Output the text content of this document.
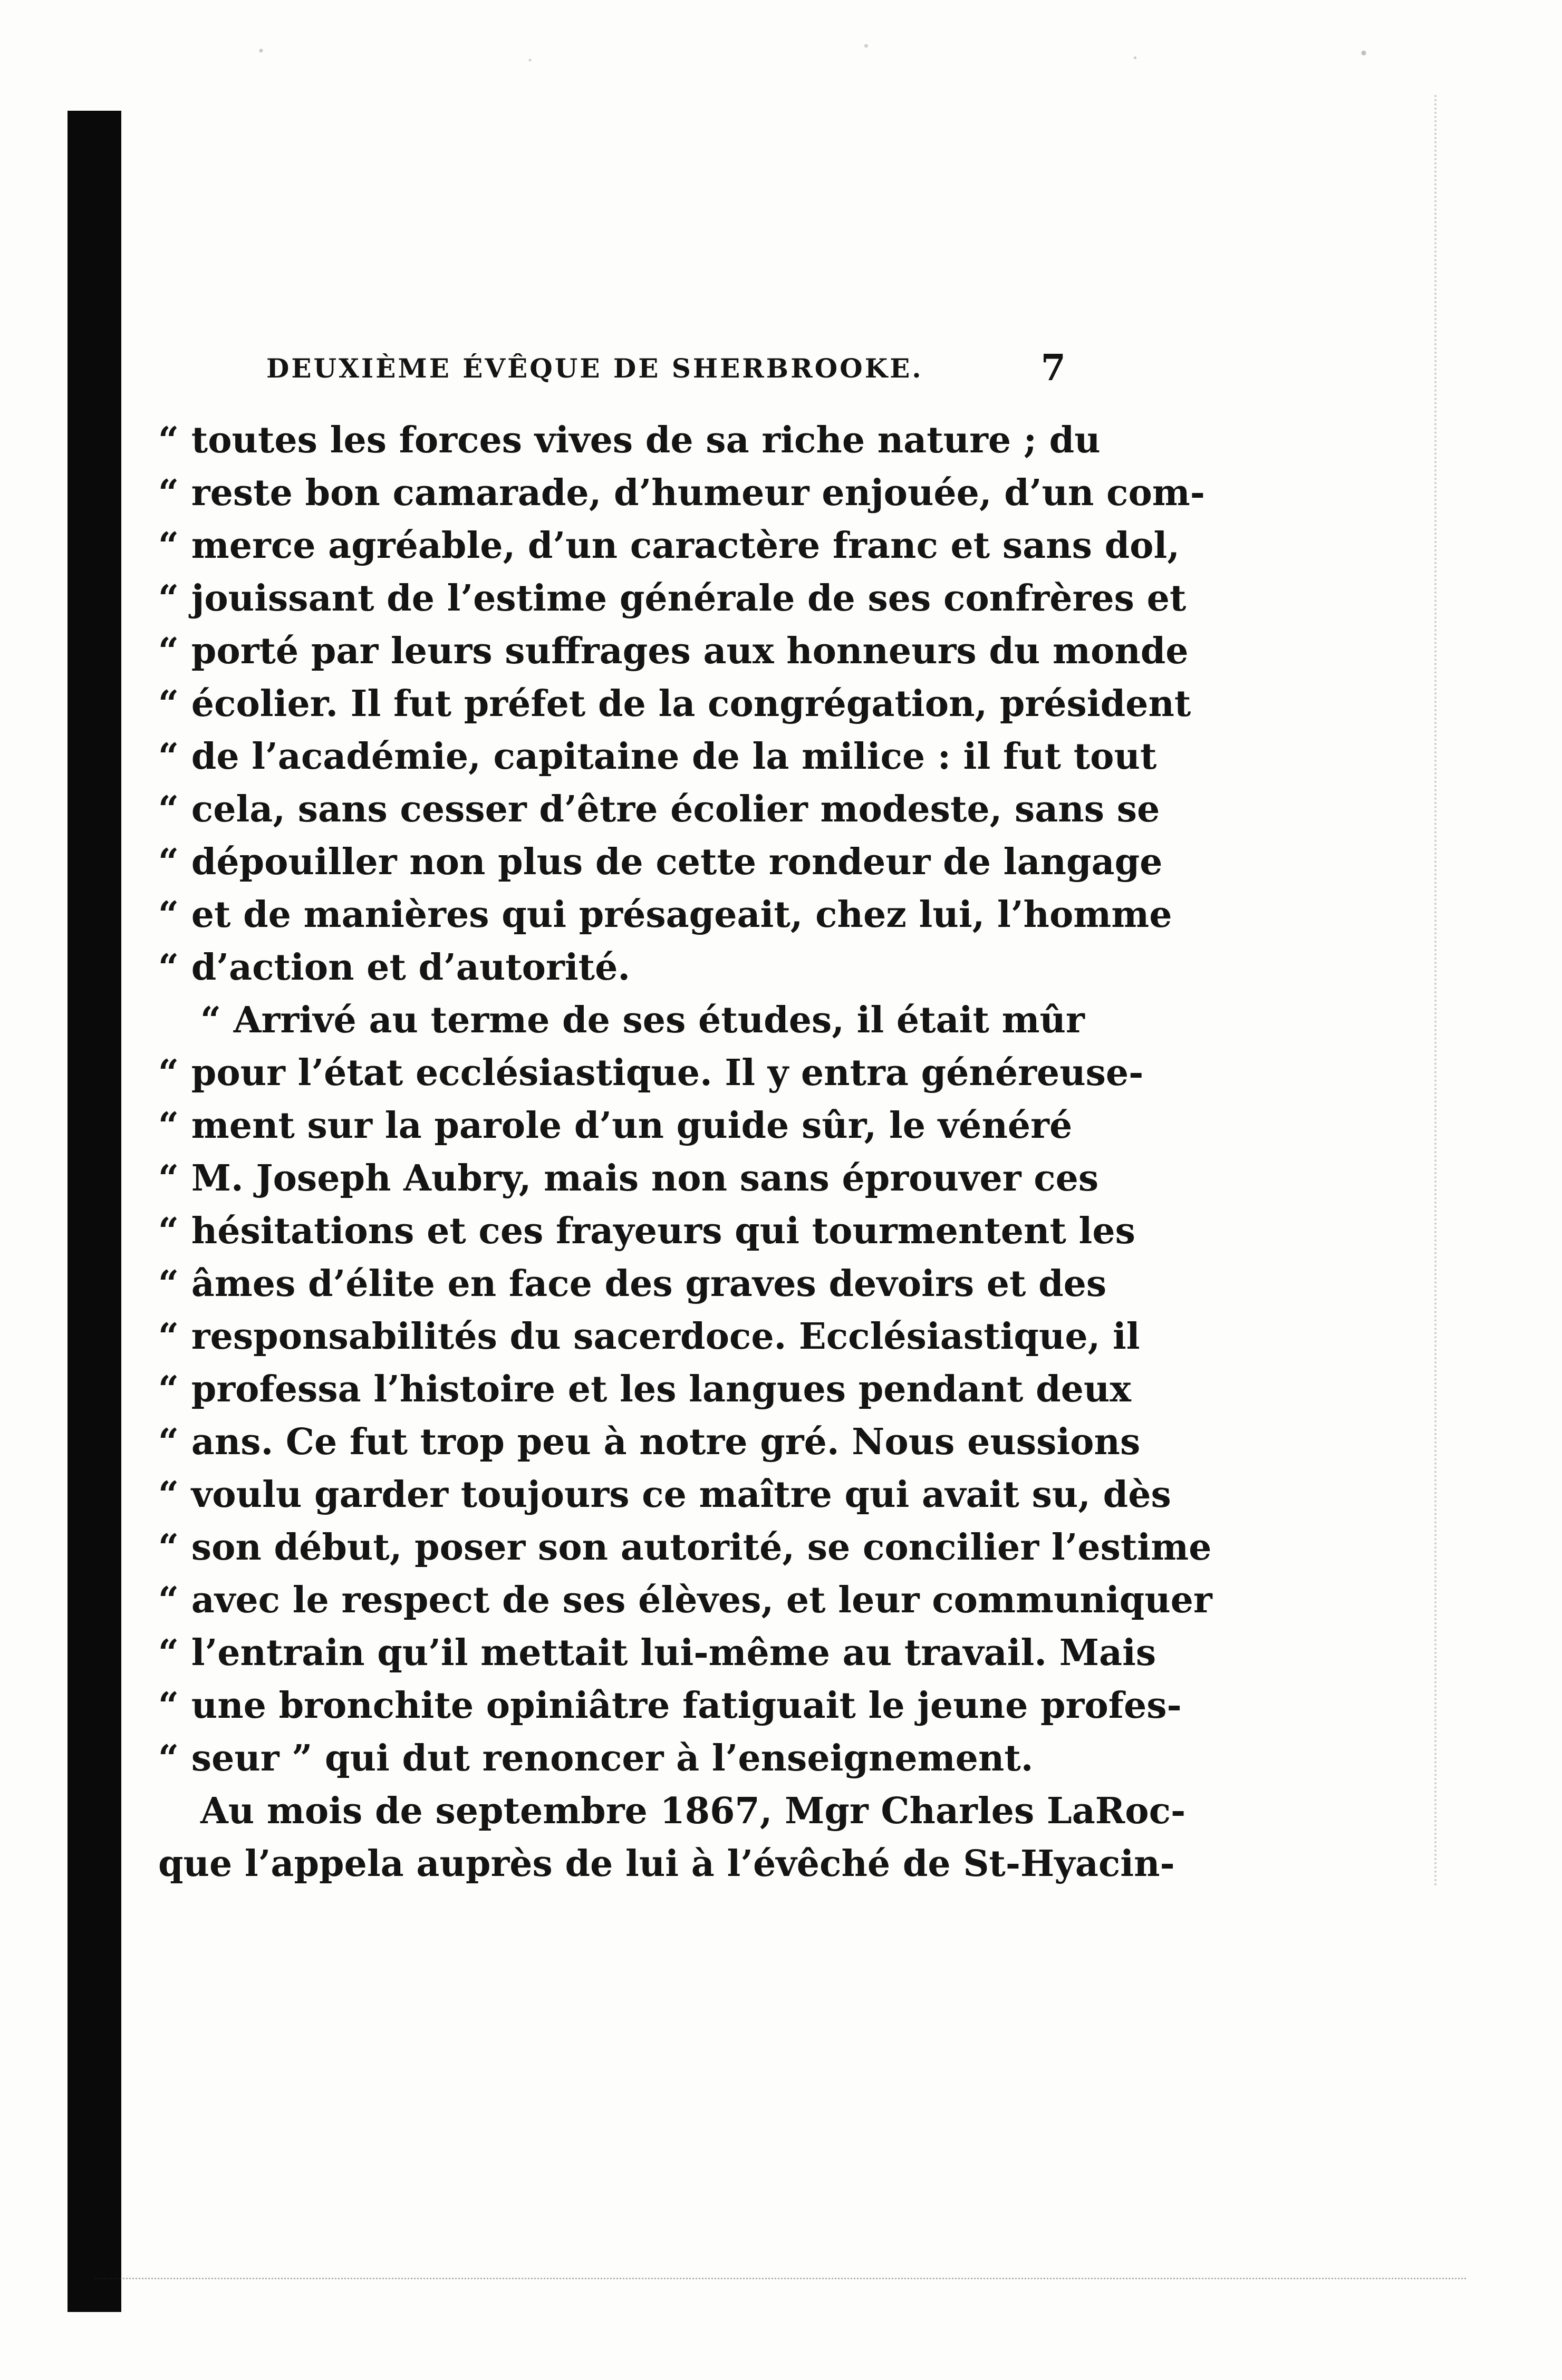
DEUXIÈME ÉVÊQUE DE SHERBROOKE.	7
“ toutes les forces vives de sa riche nature ; du
“ reste bon camarade, d’humeur enjouée, d’un com-
“ merce agréable, d’un caractère franc et sans dol,
“ jouissant de l’estime générale de ses confrères et
“ porté par leurs suffrages aux honneurs du monde
“ écolier. Il fut préfet de la congrégation, président
“ de l’académie, capitaine de la milice : il fut tout
“ cela, sans cesser d’être écolier modeste, sans se
“ dépouiller non plus de cette rondeur de langage
“ et de manières qui présageait, chez lui, l’homme
“ d’action et d’autorité.
“ Arrivé au terme de ses études, il était mûr
“ pour l’état ecclésiastique. Il y entra généreuse-
“ ment sur la parole d’un guide sûr, le vénéré
“ M. Joseph Aubry, mais non sans éprouver ces
“ hésitations et ces frayeurs qui tourmentent les
“ âmes d’élite en face des graves devoirs et des
“ responsabilités du sacerdoce. Ecclésiastique, il
“ professa l’histoire et les langues pendant deux
“ ans. Ce fut trop peu à notre gré. Nous eussions
“ voulu garder toujours ce maître qui avait su, dès
“ son début, poser son autorité, se concilier l’estime
“ avec le respect de ses élèves, et leur communiquer
“ l’entrain qu’il mettait lui-même au travail. Mais
“ une bronchite opiniâtre fatiguait le jeune profes-
“ seur ” qui dut renoncer à l’enseignement.
Au mois de septembre 1867, Mgr Charles LaRoc-
que l’appela auprès de lui à l’évêché de St-Hyacin-
